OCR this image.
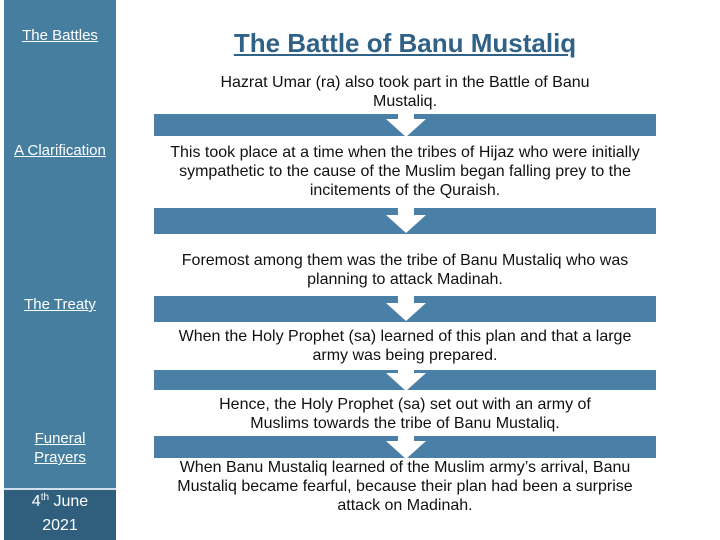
The Battles
A Clarification
The Treaty
Funeral Prayers
4th June
2021
The Battle of Banu Mustaliq
Hazrat Umar (ra) also took part in the Battle of Banu Mustaliq.
This took place at a time when the tribes of Hijaz who were initially sympathetic to the cause of the Muslim began falling prey to the incitements of the Quraish.
Foremost among them was the tribe of Banu Mustaliq who was planning to attack Madinah.
When the Holy Prophet (sa) learned of this plan and that a large army was being prepared.
Hence, the Holy Prophet (sa) set out with an army of Muslims towards the tribe of Banu Mustaliq.
When Banu Mustaliq learned of the Muslim army’s arrival, Banu Mustaliq became fearful, because their plan had been a surprise attack on Madinah.
